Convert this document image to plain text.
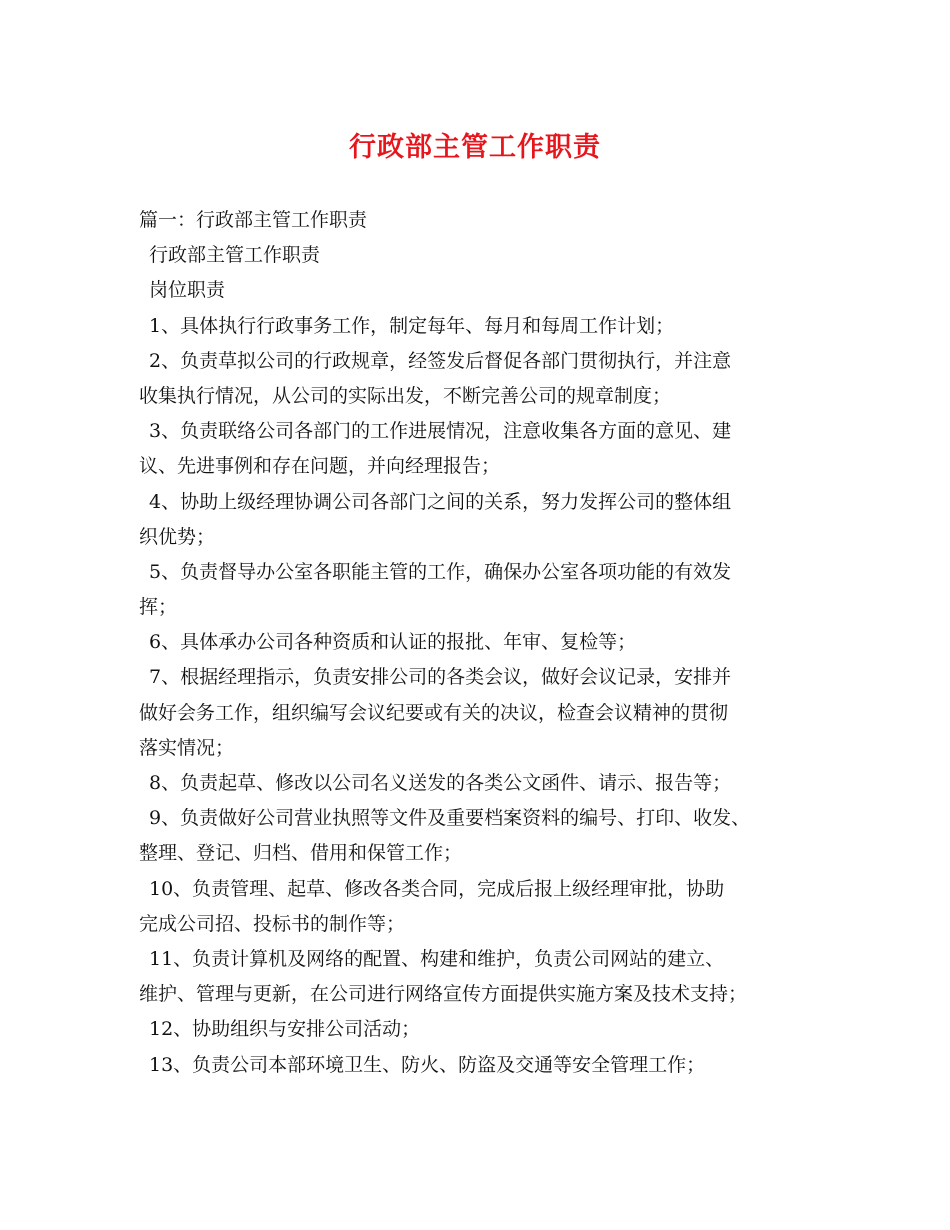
行政部主管工作职责
篇一：行政部主管工作职责
行政部主管工作职责
岗位职责
1、具体执行行政事务工作，制定每年、每月和每周工作计划；
2、负责草拟公司的行政规章，经签发后督促各部门贯彻执行，并注意
收集执行情况，从公司的实际出发，不断完善公司的规章制度；
3、负责联络公司各部门的工作进展情况，注意收集各方面的意见、建
议、先进事例和存在问题，并向经理报告；
4、协助上级经理协调公司各部门之间的关系，努力发挥公司的整体组
织优势；
5、负责督导办公室各职能主管的工作，确保办公室各项功能的有效发
挥；
6、具体承办公司各种资质和认证的报批、年审、复检等；
7、根据经理指示，负责安排公司的各类会议，做好会议记录，安排并
做好会务工作，组织编写会议纪要或有关的决议，检查会议精神的贯彻
落实情况；
8、负责起草、修改以公司名义送发的各类公文函件、请示、报告等；
9、负责做好公司营业执照等文件及重要档案资料的编号、打印、收发、
整理、登记、归档、借用和保管工作；
10、负责管理、起草、修改各类合同，完成后报上级经理审批，协助
完成公司招、投标书的制作等；
11、负责计算机及网络的配置、构建和维护，负责公司网站的建立、
维护、管理与更新，在公司进行网络宣传方面提供实施方案及技术支持；
12、协助组织与安排公司活动；
13、负责公司本部环境卫生、防火、防盗及交通等安全管理工作；
